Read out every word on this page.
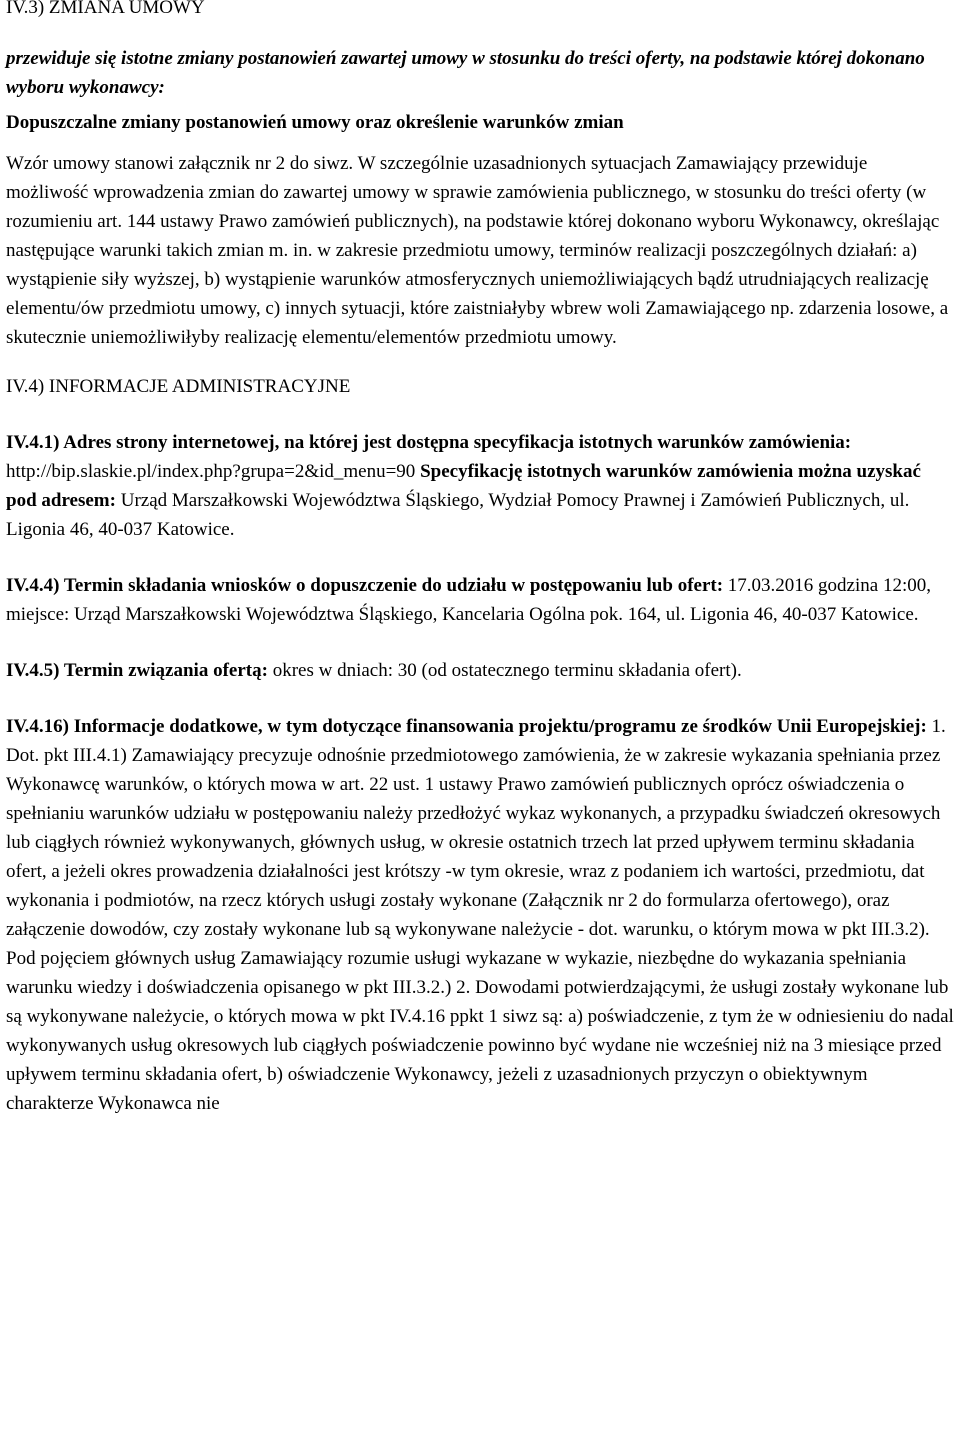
IV.3) ZMIANA UMOWY

przewiduje się istotne zmiany postanowień zawartej umowy w stosunku do treści oferty, na podstawie której dokonano wyboru wykonawcy:

Dopuszczalne zmiany postanowień umowy oraz określenie warunków zmian

Wzór umowy stanowi załącznik nr 2 do siwz. W szczególnie uzasadnionych sytuacjach Zamawiający przewiduje możliwość wprowadzenia zmian do zawartej umowy w sprawie zamówienia publicznego, w stosunku do treści oferty (w rozumieniu art. 144 ustawy Prawo zamówień publicznych), na podstawie której dokonano wyboru Wykonawcy, określając następujące warunki takich zmian m. in. w zakresie przedmiotu umowy, terminów realizacji poszczególnych działań: a) wystąpienie siły wyższej, b) wystąpienie warunków atmosferycznych uniemożliwiających bądź utrudniających realizację elementu/ów przedmiotu umowy, c) innych sytuacji, które zaistniałyby wbrew woli Zamawiającego np. zdarzenia losowe, a skutecznie uniemożliwiłyby realizację elementu/elementów przedmiotu umowy.

IV.4) INFORMACJE ADMINISTRACYJNE

IV.4.1) Adres strony internetowej, na której jest dostępna specyfikacja istotnych warunków zamówienia: http://bip.slaskie.pl/index.php?grupa=2&id_menu=90 Specyfikację istotnych warunków zamówienia można uzyskać pod adresem: Urząd Marszałkowski Województwa Śląskiego, Wydział Pomocy Prawnej i Zamówień Publicznych, ul. Ligonia 46, 40-037 Katowice.

IV.4.4) Termin składania wniosków o dopuszczenie do udziału w postępowaniu lub ofert: 17.03.2016 godzina 12:00, miejsce: Urząd Marszałkowski Województwa Śląskiego, Kancelaria Ogólna pok. 164, ul. Ligonia 46, 40-037 Katowice.

IV.4.5) Termin związania ofertą: okres w dniach: 30 (od ostatecznego terminu składania ofert).

IV.4.16) Informacje dodatkowe, w tym dotyczące finansowania projektu/programu ze środków Unii Europejskiej: 1. Dot. pkt III.4.1) Zamawiający precyzuje odnośnie przedmiotowego zamówienia, że w zakresie wykazania spełniania przez Wykonawcę warunków, o których mowa w art. 22 ust. 1 ustawy Prawo zamówień publicznych oprócz oświadczenia o spełnianiu warunków udziału w postępowaniu należy przedłożyć wykaz wykonanych, a przypadku świadczeń okresowych lub ciągłych również wykonywanych, głównych usług, w okresie ostatnich trzech lat przed upływem terminu składania ofert, a jeżeli okres prowadzenia działalności jest krótszy -w tym okresie, wraz z podaniem ich wartości, przedmiotu, dat wykonania i podmiotów, na rzecz których usługi zostały wykonane (Załącznik nr 2 do formularza ofertowego), oraz załączenie dowodów, czy zostały wykonane lub są wykonywane należycie - dot. warunku, o którym mowa w pkt III.3.2). Pod pojęciem głównych usług Zamawiający rozumie usługi wykazane w wykazie, niezbędne do wykazania spełniania warunku wiedzy i doświadczenia opisanego w pkt III.3.2.) 2. Dowodami potwierdzającymi, że usługi zostały wykonane lub są wykonywane należycie, o których mowa w pkt IV.4.16 ppkt 1 siwz są: a) poświadczenie, z tym że w odniesieniu do nadal wykonywanych usług okresowych lub ciągłych poświadczenie powinno być wydane nie wcześniej niż na 3 miesiące przed upływem terminu składania ofert, b) oświadczenie Wykonawcy, jeżeli z uzasadnionych przyczyn o obiektywnym charakterze Wykonawca nie
